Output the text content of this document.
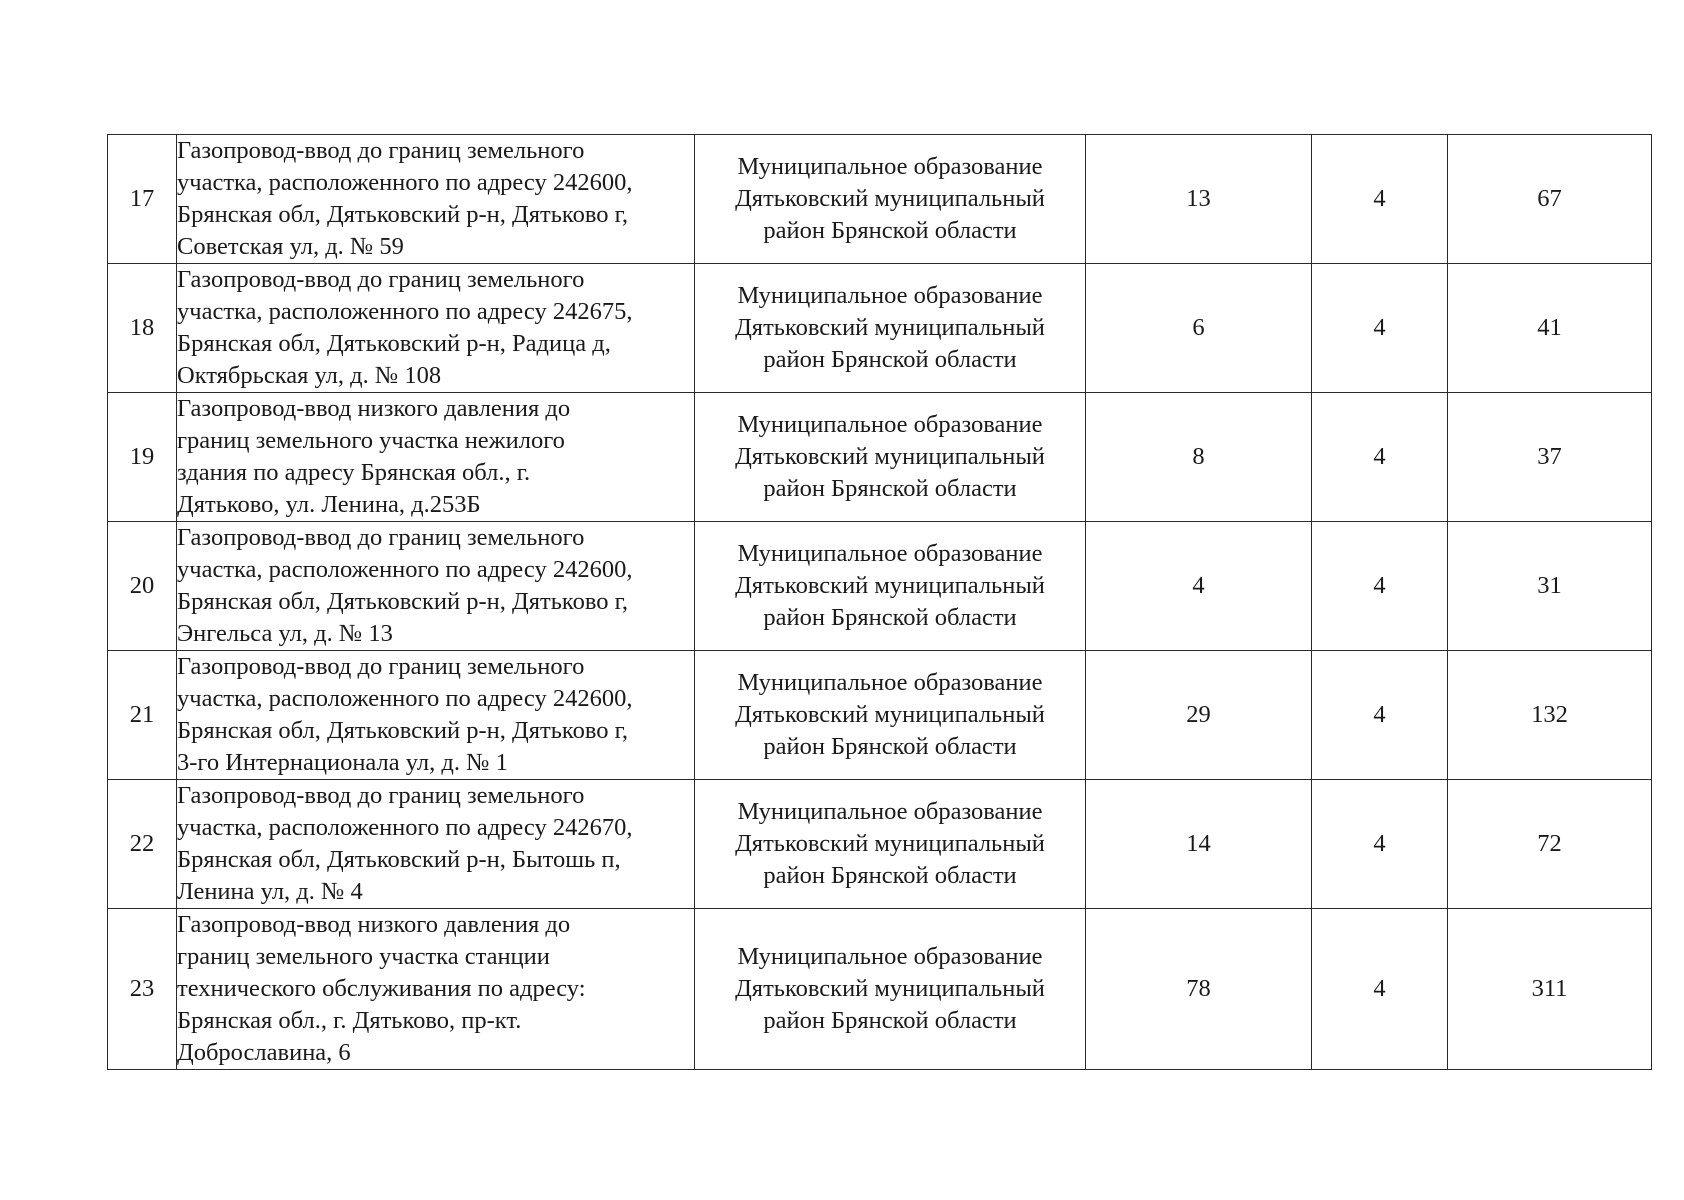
17	Газопровод-ввод до границ земельного
участка, расположенного по адресу 242600,
Брянская обл, Дятьковский р-н, Дятьково г,
Советская ул, д. № 59	Муниципальное образование
Дятьковский муниципальный
район Брянской области	13	4	67
18	Газопровод-ввод до границ земельного
участка, расположенного по адресу 242675,
Брянская обл, Дятьковский р-н, Радица д,
Октябрьская ул, д. № 108	Муниципальное образование
Дятьковский муниципальный
район Брянской области	6	4	41
19	Газопровод-ввод низкого давления до
границ земельного участка нежилого
здания по адресу Брянская обл., г.
Дятьково, ул. Ленина, д.253Б	Муниципальное образование
Дятьковский муниципальный
район Брянской области	8	4	37
20	Газопровод-ввод до границ земельного
участка, расположенного по адресу 242600,
Брянская обл, Дятьковский р-н, Дятьково г,
Энгельса ул, д. № 13	Муниципальное образование
Дятьковский муниципальный
район Брянской области	4	4	31
21	Газопровод-ввод до границ земельного
участка, расположенного по адресу 242600,
Брянская обл, Дятьковский р-н, Дятьково г,
3-го Интернационала ул, д. № 1	Муниципальное образование
Дятьковский муниципальный
район Брянской области	29	4	132
22	Газопровод-ввод до границ земельного
участка, расположенного по адресу 242670,
Брянская обл, Дятьковский р-н, Бытошь п,
Ленина ул, д. № 4	Муниципальное образование
Дятьковский муниципальный
район Брянской области	14	4	72
23	Газопровод-ввод низкого давления до
границ земельного участка станции
технического обслуживания по адресу:
Брянская обл., г. Дятьково, пр-кт.
Доброславина, 6	Муниципальное образование
Дятьковский муниципальный
район Брянской области	78	4	311
